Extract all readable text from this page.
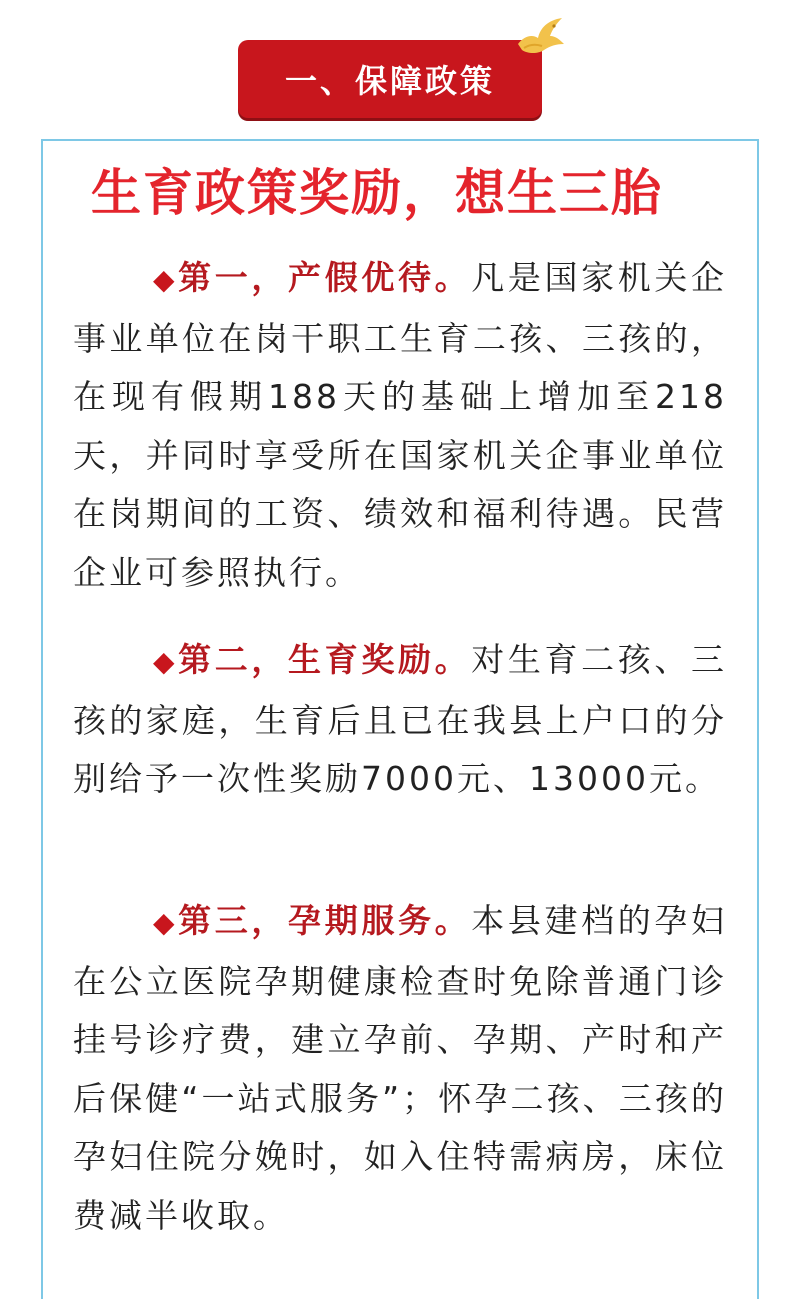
一、保障政策
生育政策奖励，想生三胎

◆第一，产假优待。凡是国家机关企事业单位在岗干职工生育二孩、三孩的，在现有假期188天的基础上增加至218天，并同时享受所在国家机关企事业单位在岗期间的工资、绩效和福利待遇。民营企业可参照执行。

◆第二，生育奖励。对生育二孩、三孩的家庭，生育后且已在我县上户口的分别给予一次性奖励7000元、13000元。

◆第三，孕期服务。本县建档的孕妇在公立医院孕期健康检查时免除普通门诊挂号诊疗费，建立孕前、孕期、产时和产后保健“一站式服务”；怀孕二孩、三孩的孕妇住院分娩时，如入住特需病房，床位费减半收取。
